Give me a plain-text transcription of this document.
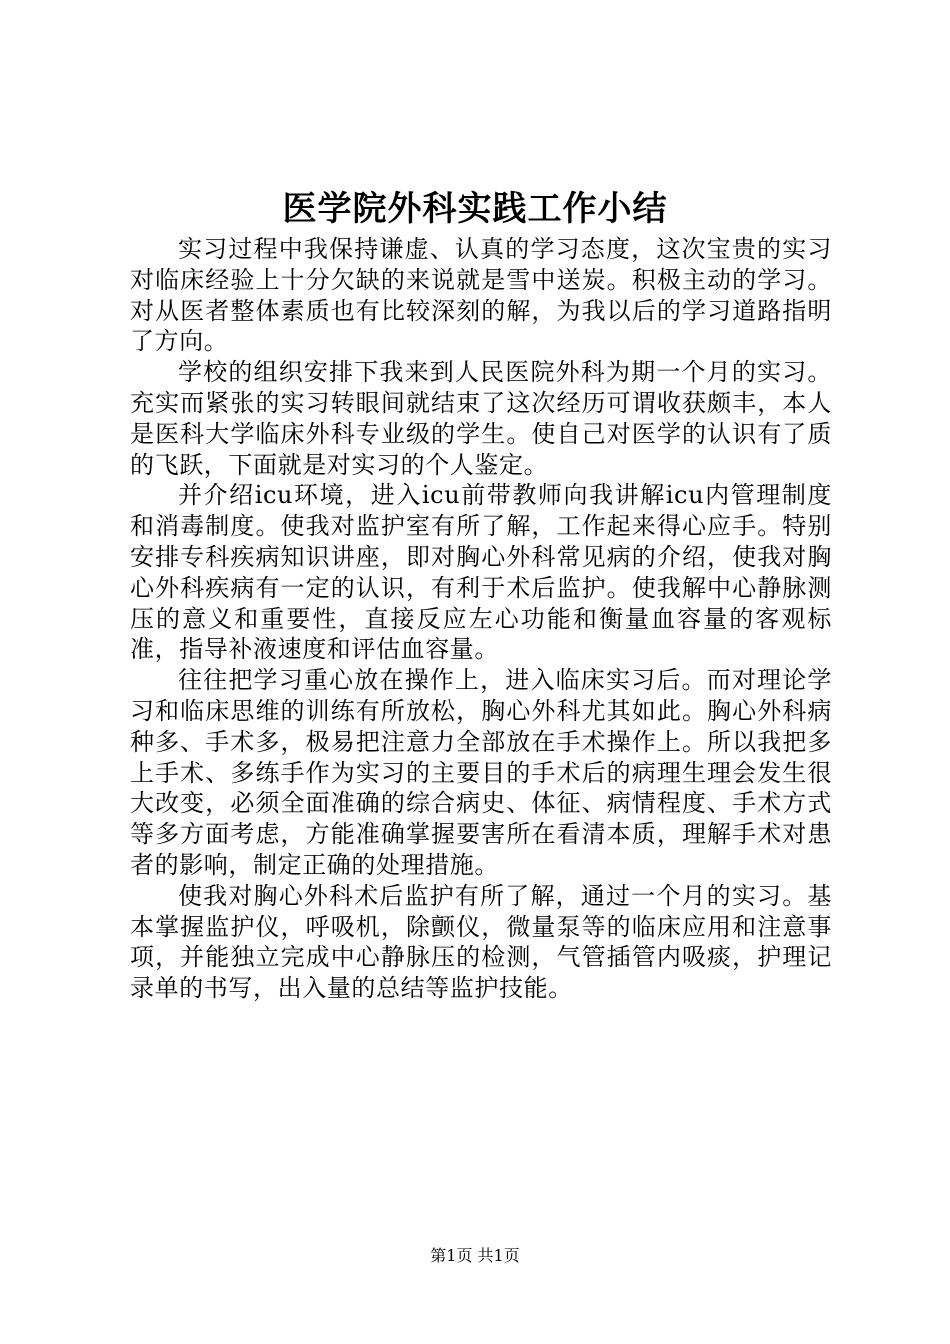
医学院外科实践工作小结

实习过程中我保持谦虚、认真的学习态度，这次宝贵的实习对临床经验上十分欠缺的来说就是雪中送炭。积极主动的学习。对从医者整体素质也有比较深刻的解，为我以后的学习道路指明了方向。

学校的组织安排下我来到人民医院外科为期一个月的实习。充实而紧张的实习转眼间就结束了这次经历可谓收获颇丰，本人是医科大学临床外科专业级的学生。使自己对医学的认识有了质的飞跃，下面就是对实习的个人鉴定。

并介绍icu环境，进入icu前带教师向我讲解icu内管理制度和消毒制度。使我对监护室有所了解，工作起来得心应手。特别安排专科疾病知识讲座，即对胸心外科常见病的介绍，使我对胸心外科疾病有一定的认识，有利于术后监护。使我解中心静脉测压的意义和重要性，直接反应左心功能和衡量血容量的客观标准，指导补液速度和评估血容量。

往往把学习重心放在操作上，进入临床实习后。而对理论学习和临床思维的训练有所放松，胸心外科尤其如此。胸心外科病种多、手术多，极易把注意力全部放在手术操作上。所以我把多上手术、多练手作为实习的主要目的手术后的病理生理会发生很大改变，必须全面准确的综合病史、体征、病情程度、手术方式等多方面考虑，方能准确掌握要害所在看清本质，理解手术对患者的影响，制定正确的处理措施。

使我对胸心外科术后监护有所了解，通过一个月的实习。基本掌握监护仪，呼吸机，除颤仪，微量泵等的临床应用和注意事项，并能独立完成中心静脉压的检测，气管插管内吸痰，护理记录单的书写，出入量的总结等监护技能。

第1页 共1页
